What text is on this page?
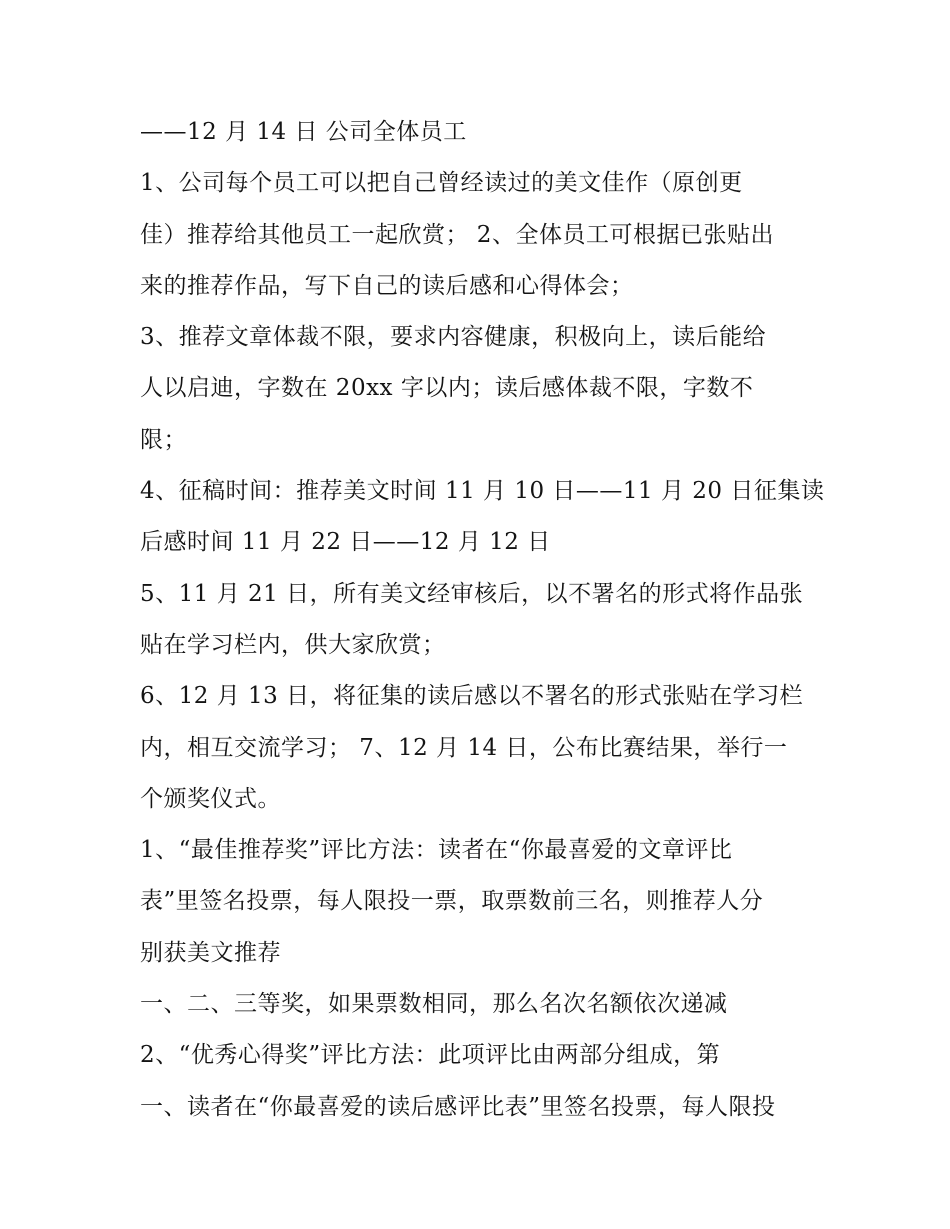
——12 月 14 日 公司全体员工
1、公司每个员工可以把自己曾经读过的美文佳作（原创更
佳）推荐给其他员工一起欣赏； 2、全体员工可根据已张贴出
来的推荐作品，写下自己的读后感和心得体会；
3、推荐文章体裁不限，要求内容健康，积极向上，读后能给
人以启迪，字数在 20xx 字以内；读后感体裁不限，字数不
限；
4、征稿时间：推荐美文时间 11 月 10 日——11 月 20 日征集读
后感时间 11 月 22 日——12 月 12 日
5、11 月 21 日，所有美文经审核后，以不署名的形式将作品张
贴在学习栏内，供大家欣赏；
6、12 月 13 日，将征集的读后感以不署名的形式张贴在学习栏
内，相互交流学习； 7、12 月 14 日，公布比赛结果，举行一
个颁奖仪式。
1、“最佳推荐奖”评比方法：读者在“你最喜爱的文章评比
表”里签名投票，每人限投一票，取票数前三名，则推荐人分
别获美文推荐
一、二、三等奖，如果票数相同，那么名次名额依次递减
2、“优秀心得奖”评比方法：此项评比由两部分组成，第
一、读者在“你最喜爱的读后感评比表”里签名投票，每人限投
